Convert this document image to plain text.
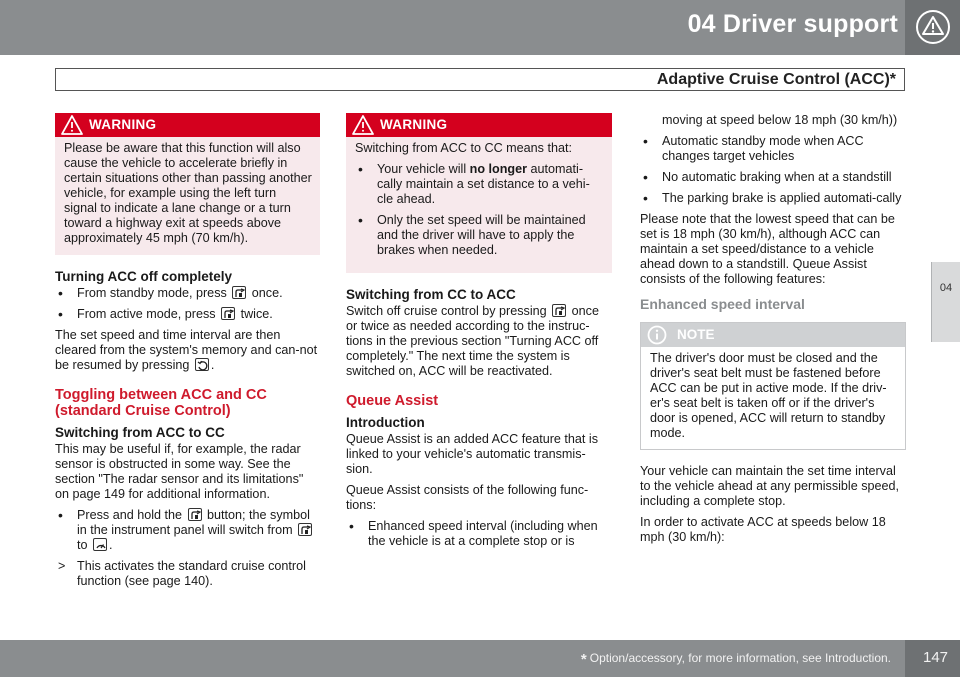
04 Driver support
Adaptive Cruise Control (ACC)*
04
WARNING
Please be aware that this function will also cause the vehicle to accelerate briefly in certain situations other than passing another vehicle, for example using the left turn signal to indicate a lane change or a turn toward a highway exit at speeds above approximately 45 mph (70 km/h).
Turning ACC off completely
• From standby mode, press once.
• From active mode, press twice.

The set speed and time interval are then cleared from the system's memory and can-not be resumed by pressing .

Toggling between ACC and CC (standard Cruise Control)
Switching from ACC to CC

This may be useful if, for example, the radar sensor is obstructed in some way. See the section "The radar sensor and its limitations" on page 149 for additional information.

• Press and hold the button; the symbol in the instrument panel will switch from
to .
> This activates the standard cruise control function (see page 140).
WARNING

Switching from ACC to CC means that:

• Your vehicle will no longer automati-cally maintain a set distance to a vehi-cle ahead.
• Only the set speed will be maintained and the driver will have to apply the brakes when needed.
Switching from CC to ACC

Switch off cruise control by pressing once or twice as needed according to the instruc-tions in the previous section "Turning ACC off completely." The next time the system is switched on, ACC will be reactivated.

Queue Assist
Introduction

Queue Assist is an added ACC feature that is linked to your vehicle's automatic transmis-sion.

Queue Assist consists of the following func-tions:

• Enhanced speed interval (including when the vehicle is at a complete stop or is
moving at speed below 18 mph (30 km/h))
• Automatic standby mode when ACC changes target vehicles
• No automatic braking when at a standstill
• The parking brake is applied automati-cally

Please note that the lowest speed that can be set is 18 mph (30 km/h), although ACC can maintain a set speed/distance to a vehicle ahead down to a standstill. Queue Assist consists of the following features:

Enhanced speed interval
NOTE
The driver's door must be closed and the driver's seat belt must be fastened before ACC can be put in active mode. If the driv-er's seat belt is taken off or if the driver's door is opened, ACC will return to standby mode.

Your vehicle can maintain the set time interval to the vehicle ahead at any permissible speed, including a complete stop.

In order to activate ACC at speeds below 18 mph (30 km/h):

* Option/accessory, for more information, see Introduction. 147
